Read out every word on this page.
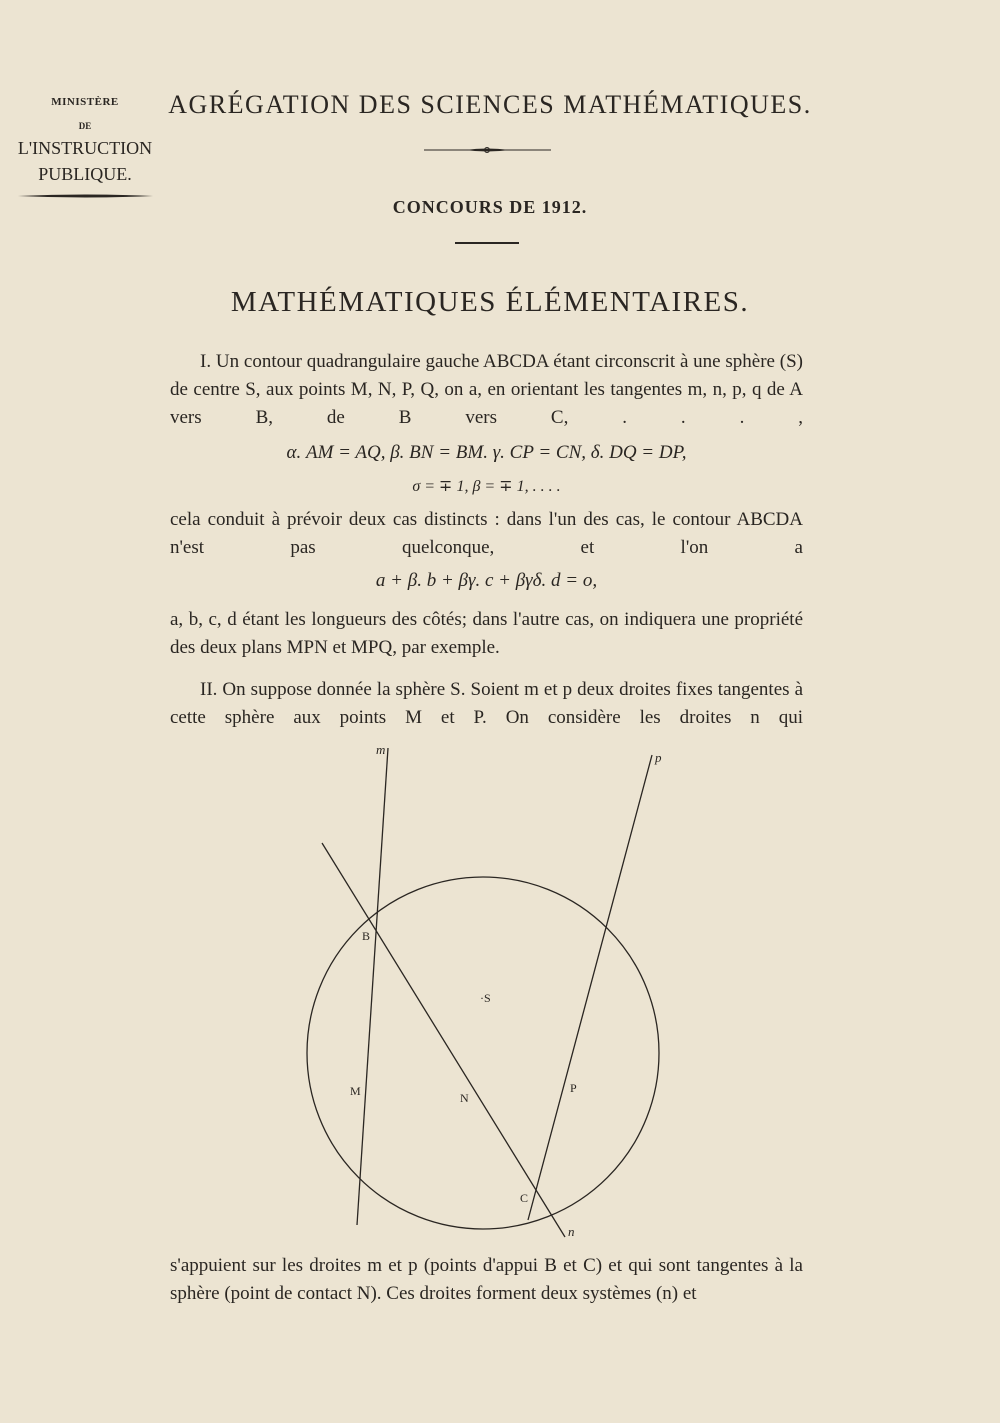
MINISTÈRE
DE
L'INSTRUCTION
PUBLIQUE.
AGRÉGATION DES SCIENCES MATHÉMATIQUES.
CONCOURS DE 1912.
MATHÉMATIQUES ÉLÉMENTAIRES.
I. Un contour quadrangulaire gauche ABCDA étant circonscrit à une sphère (S) de centre S, aux points M, N, P, Q, on a, en orientant les tangentes m, n, p, q de A vers B, de B vers C, . . . ,
α. AM = AQ, β. BN = BM. γ. CP = CN, δ. DQ = DP,
σ = ∓ 1, β = ∓ 1, . . . .
cela conduit à prévoir deux cas distincts : dans l'un des cas, le contour ABCDA n'est pas quelconque, et l'on a
a + β. b + βγ. c + βγδ. d = o,
a, b, c, d étant les longueurs des côtés; dans l'autre cas, on indiquera une propriété des deux plans MPN et MPQ, par exemple.
II. On suppose donnée la sphère S. Soient m et p deux droites fixes tangentes à cette sphère aux points M et P. On considère les droites n qui
m
p
n
B
·S
M	N
P
C
s'appuient sur les droites m et p (points d'appui B et C) et qui sont tangentes à la sphère (point de contact N). Ces droites forment deux systèmes (n) et
